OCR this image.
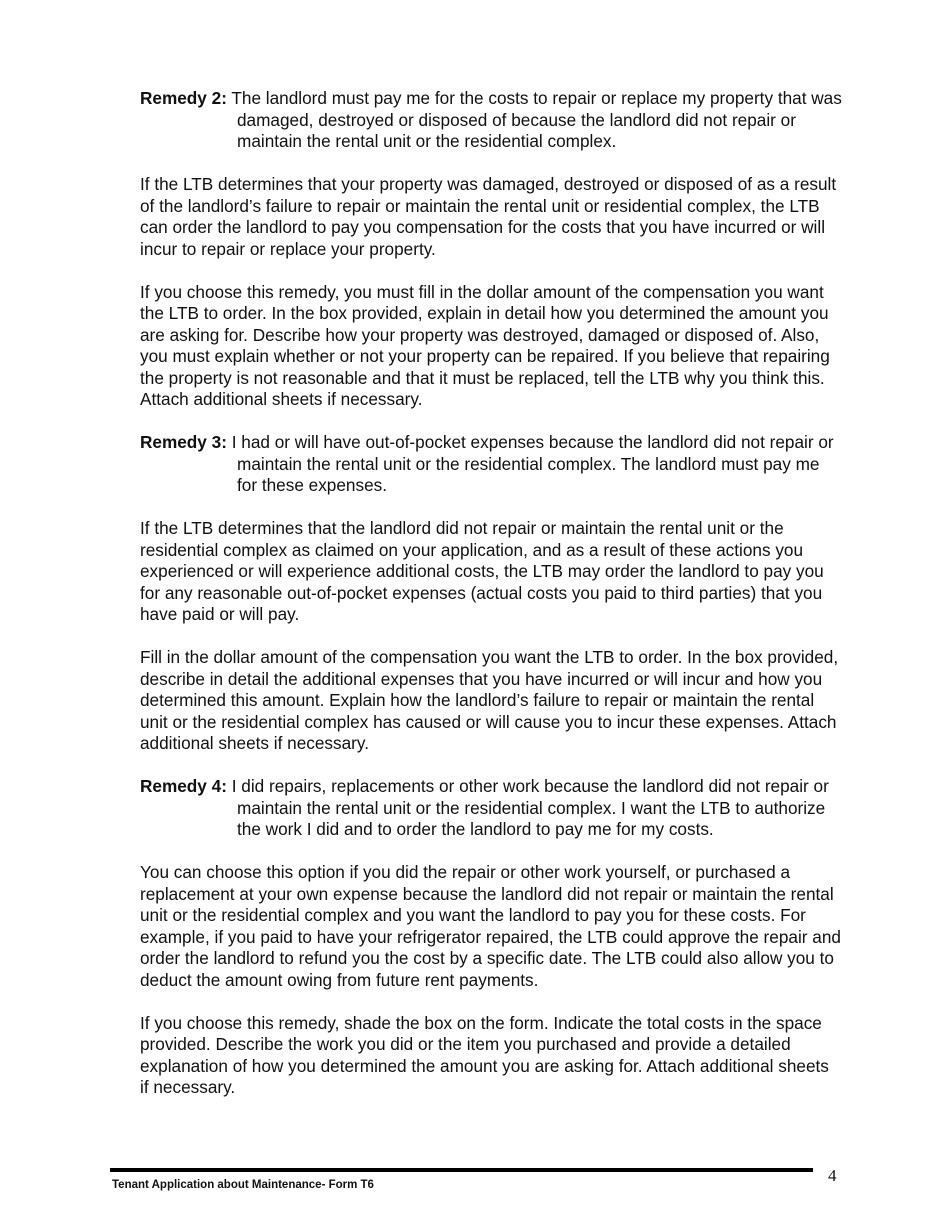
Remedy 2: The landlord must pay me for the costs to repair or replace my property that was damaged, destroyed or disposed of because the landlord did not repair or maintain the rental unit or the residential complex.

If the LTB determines that your property was damaged, destroyed or disposed of as a result of the landlord’s failure to repair or maintain the rental unit or residential complex, the LTB can order the landlord to pay you compensation for the costs that you have incurred or will incur to repair or replace your property.

If you choose this remedy, you must fill in the dollar amount of the compensation you want the LTB to order. In the box provided, explain in detail how you determined the amount you are asking for. Describe how your property was destroyed, damaged or disposed of. Also, you must explain whether or not your property can be repaired. If you believe that repairing the property is not reasonable and that it must be replaced, tell the LTB why you think this. Attach additional sheets if necessary.

Remedy 3: I had or will have out-of-pocket expenses because the landlord did not repair or maintain the rental unit or the residential complex. The landlord must pay me for these expenses.

If the LTB determines that the landlord did not repair or maintain the rental unit or the residential complex as claimed on your application, and as a result of these actions you experienced or will experience additional costs, the LTB may order the landlord to pay you for any reasonable out-of-pocket expenses (actual costs you paid to third parties) that you have paid or will pay.

Fill in the dollar amount of the compensation you want the LTB to order. In the box provided, describe in detail the additional expenses that you have incurred or will incur and how you determined this amount. Explain how the landlord’s failure to repair or maintain the rental unit or the residential complex has caused or will cause you to incur these expenses. Attach additional sheets if necessary.

Remedy 4: I did repairs, replacements or other work because the landlord did not repair or maintain the rental unit or the residential complex. I want the LTB to authorize the work I did and to order the landlord to pay me for my costs.

You can choose this option if you did the repair or other work yourself, or purchased a replacement at your own expense because the landlord did not repair or maintain the rental unit or the residential complex and you want the landlord to pay you for these costs. For example, if you paid to have your refrigerator repaired, the LTB could approve the repair and order the landlord to refund you the cost by a specific date. The LTB could also allow you to deduct the amount owing from future rent payments.

If you choose this remedy, shade the box on the form. Indicate the total costs in the space provided. Describe the work you did or the item you purchased and provide a detailed explanation of how you determined the amount you are asking for. Attach additional sheets if necessary.

Tenant Application about Maintenance- Form T6	4
